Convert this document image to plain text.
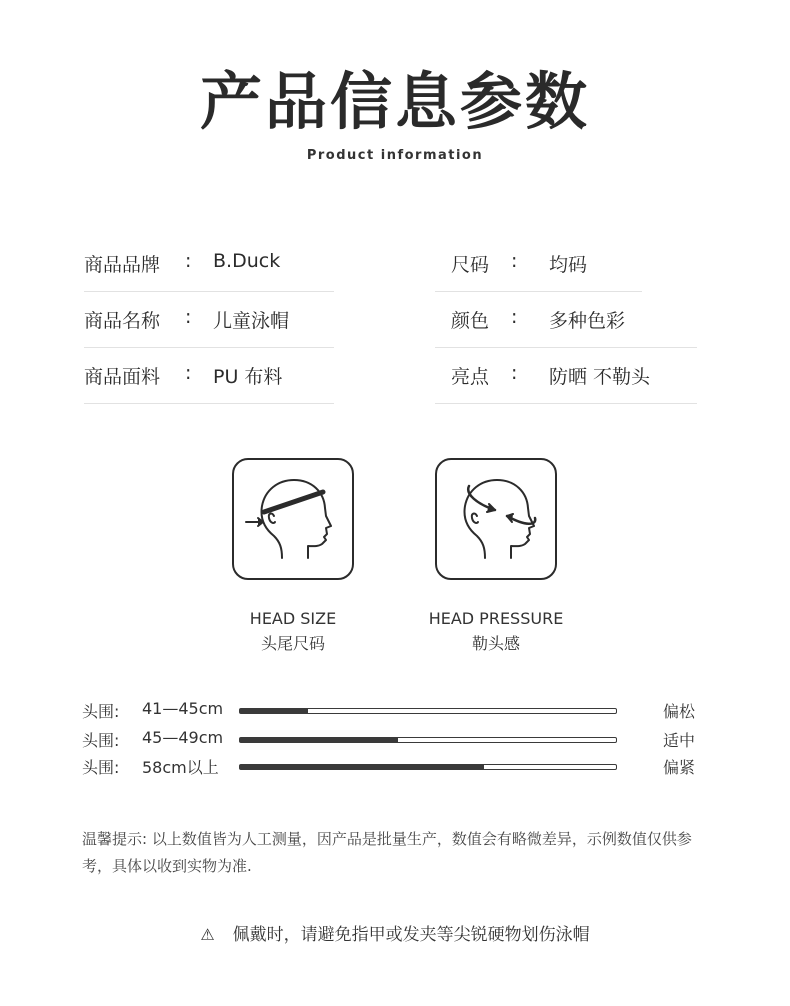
产品信息参数
Product information
商品品牌 : B.Duck
商品名称 : 儿童泳帽
商品面料 : PU 布料
尺码 : 均码
颜色 : 多种色彩
亮点 : 防晒 不勒头
HEAD SIZE
头尾尺码
HEAD PRESSURE
勒头感
头围: 41—45cm	偏松
头围: 45—49cm	适中
头围: 58cm以上	偏紧
温馨提示: 以上数值皆为人工测量，因产品是批量生产，数值会有略微差异，示例数值仅供参考，具体以收到实物为准.
⚠ 佩戴时，请避免指甲或发夹等尖锐硬物划伤泳帽
